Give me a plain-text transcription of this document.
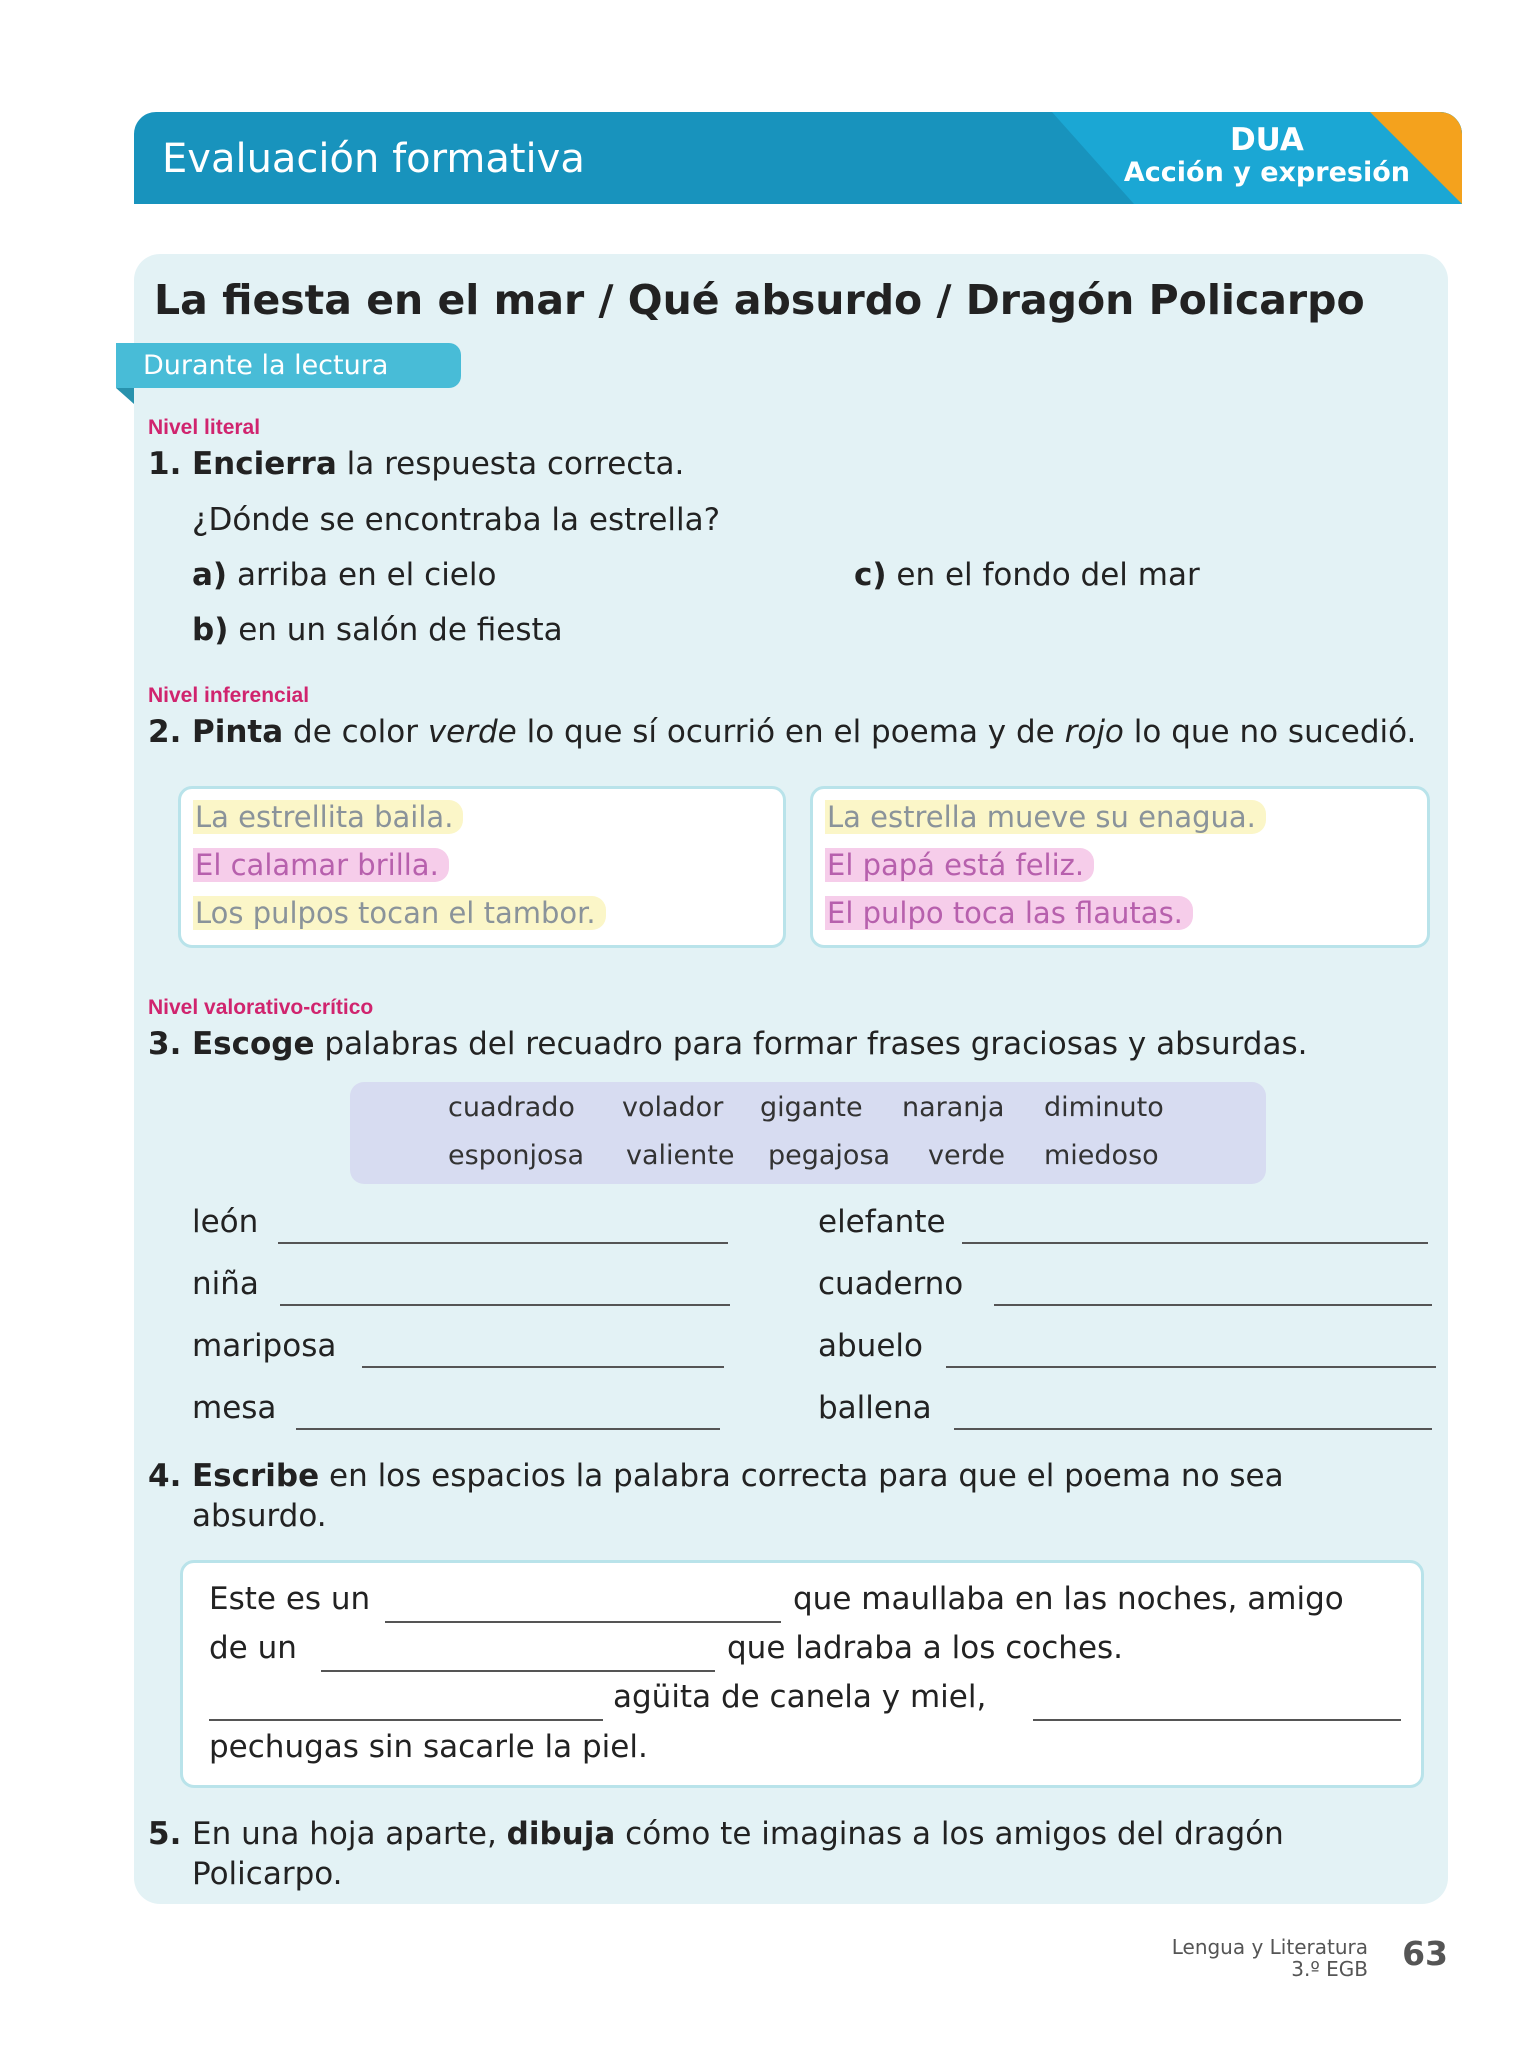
Evaluación formativa	DUA
Acción y expresión
La fiesta en el mar / Qué absurdo / Dragón Policarpo
Durante la lectura
Nivel literal
1. Encierra la respuesta correcta.
¿Dónde se encontraba la estrella?
a) arriba en el cielo
b) en un salón de fiesta
c) en el fondo del mar
Nivel inferencial
2. Pinta de color verde lo que sí ocurrió en el poema y de rojo lo que no sucedió.
La estrellita baila.
El calamar brilla.
Los pulpos tocan el tambor.
La estrella mueve su enagua.
El papá está feliz.
El pulpo toca las flautas.
Nivel valorativo-crítico
3. Escoge palabras del recuadro para formar frases graciosas y absurdas.
cuadrado volador gigante naranja diminuto
esponjosa valiente pegajosa verde miedoso
león
niña
mariposa
mesa
elefante
cuaderno
abuelo
ballena
4. Escribe en los espacios la palabra correcta para que el poema no sea
absurdo.
Este es un	que maullaba en las noches, amigo
de un	que ladraba a los coches.
agüita de canela y miel,
pechugas sin sacarle la piel.
5. En una hoja aparte, dibuja cómo te imaginas a los amigos del dragón
Policarpo.
Lengua y Literatura
3.º EGB 63
